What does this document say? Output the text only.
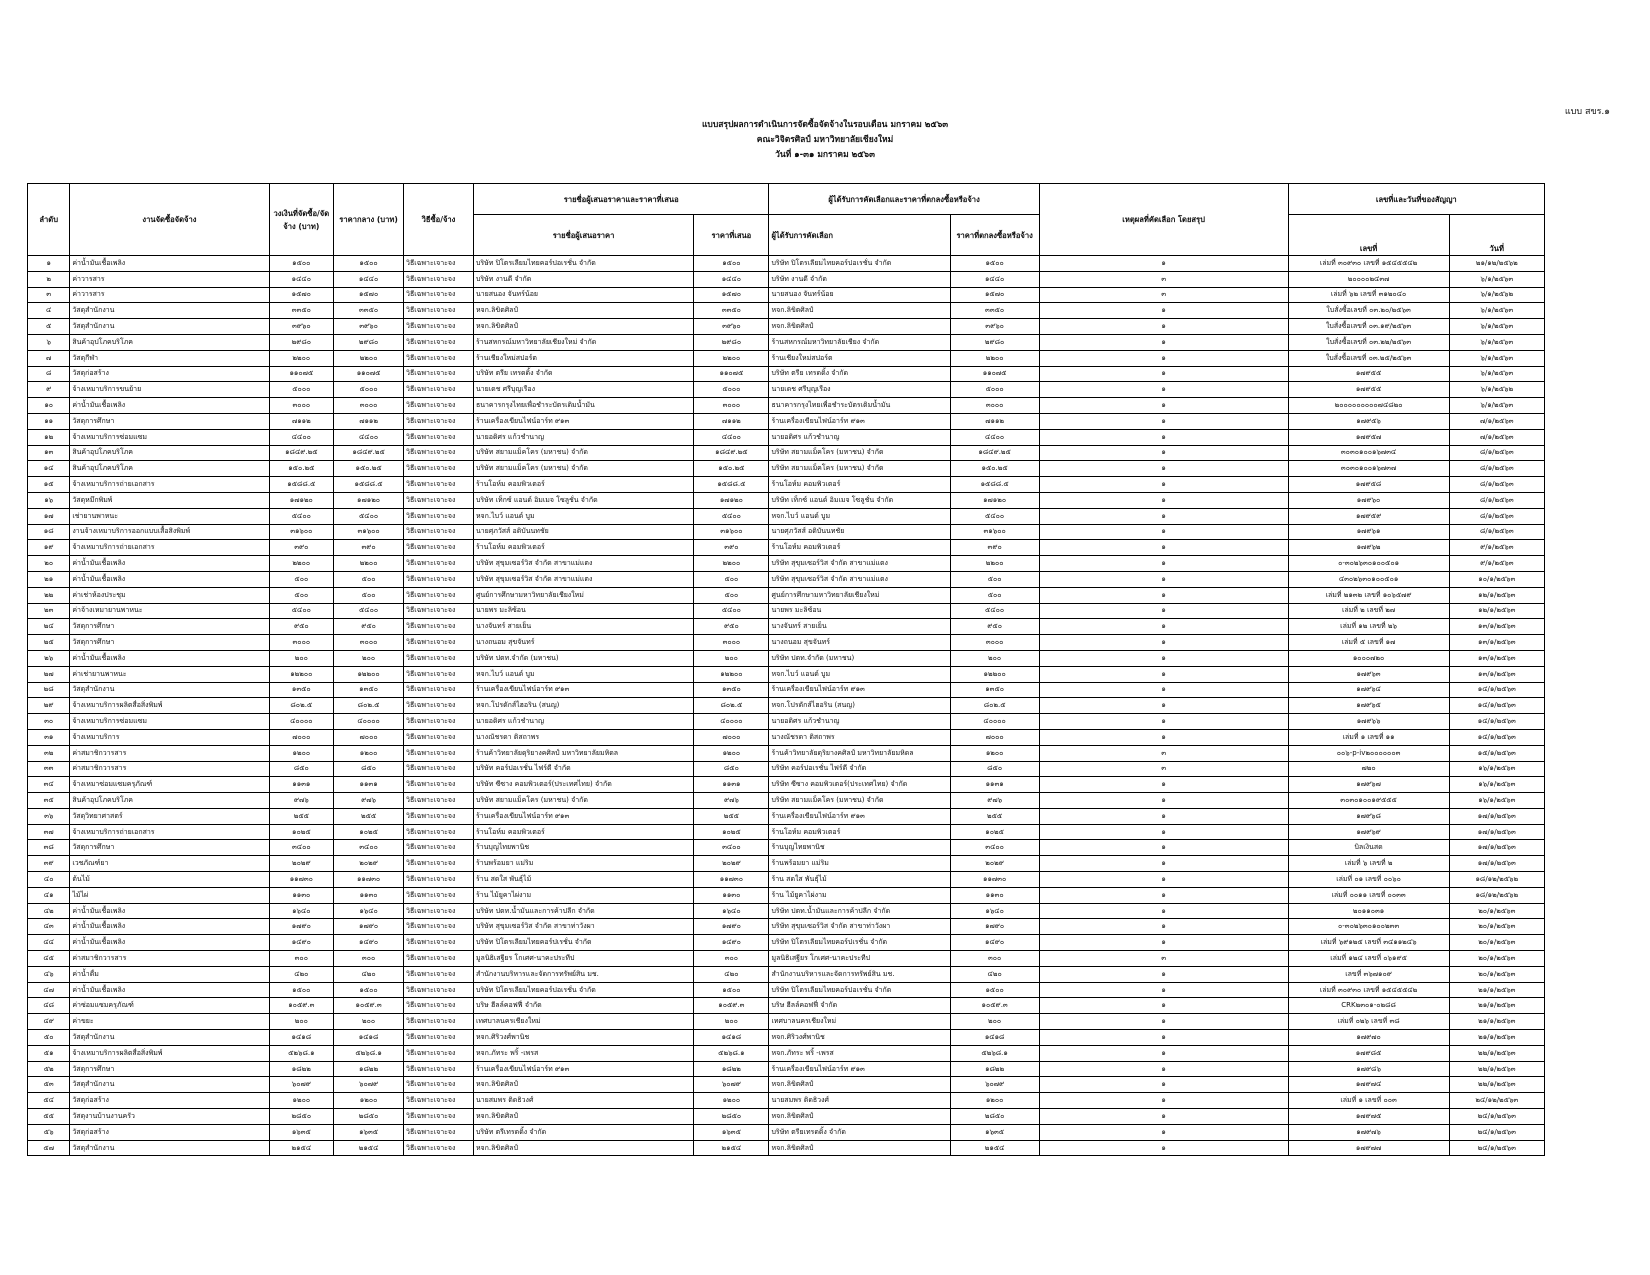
แบบ สขร.๑
แบบสรุปผลการดำเนินการจัดซื้อจัดจ้างในรอบเดือน มกราคม ๒๕๖๓
คณะวิจิตรศิลป์ มหาวิทยาลัยเชียงใหม่
วันที่ ๑-๓๑ มกราคม ๒๕๖๓
ลำดับ	งานจัดซื้อจัดจ้าง	วงเงินที่จัดซื้อ/จัดจ้าง (บาท)	ราคากลาง (บาท)	วิธีซื้อ/จ้าง	รายชื่อผู้เสนอราคาและราคาที่เสนอ		ผู้ได้รับการคัดเลือกและราคาที่ตกลงซื้อหรือจ้าง		เหตุผลที่คัดเลือก โดยสรุป	เลขที่และวันที่ของสัญญา	
					รายชื่อผู้เสนอราคา	ราคาที่เสนอ	ผู้ได้รับการคัดเลือก	ราคาที่ตกลงซื้อหรือจ้าง		เลขที่	วันที่
๑	ค่าน้ำมันเชื้อเพลิง	๑๕๐๐	๑๕๐๐	วิธีเฉพาะเจาะจง	บริษัท ปิโตรเลียมไทยคอร์ปอเรชั่น จำกัด	๑๕๐๐	บริษัท ปิโตรเลียมไทยคอร์ปอเรชั่น จำกัด	๑๕๐๐	๑	เล่มที่ ๓๐๙๓๐ เลขที่ ๑๕๔๕๕๔๒	๒๑/๑๒/๒๕๖๒
๒	ค่าวารสาร	๑๔๔๐	๑๔๔๐	วิธีเฉพาะเจาะจง	บริษัท งานดี จำกัด	๑๔๔๐	บริษัท งานดี จำกัด	๑๔๔๐	๓	๒๐๐๐๐๒๔๓๗	๖/๑/๒๕๖๓
๓	ค่าวารสาร	๑๕๗๐	๑๕๗๐	วิธีเฉพาะเจาะจง	นายสนอง จันทร์น้อย	๑๕๗๐	นายสนอง จันทร์น้อย	๑๕๗๐	๓	เล่มที่ ๖๒ เลขที่ ๓๑๒๐๔๐	๖/๑/๒๕๖๒
๔	วัสดุสำนักงาน	๓๓๕๐	๓๓๕๐	วิธีเฉพาะเจาะจง	หจก.ลิขิตศิลป์	๓๓๕๐	หจก.ลิขิตศิลป์	๓๓๕๐	๑	ใบสั่งซื้อเลขที่ ๐๓.๒๐/๒๕๖๓	๖/๑/๒๕๖๓
๕	วัสดุสำนักงาน	๓๙๖๐	๓๙๖๐	วิธีเฉพาะเจาะจง	หจก.ลิขิตศิลป์	๓๙๖๐	หจก.ลิขิตศิลป์	๓๙๖๐	๑	ใบสั่งซื้อเลขที่ ๐๓.๑๙/๒๕๖๓	๖/๑/๒๕๖๓
๖	สินค้าอุปโภคบริโภค	๒๙๘๐	๒๙๘๐	วิธีเฉพาะเจาะจง	ร้านสหกรณ์มหาวิทยาลัยเชียงใหม่ จำกัด	๒๙๘๐	ร้านสหกรณ์มหาวิทยาลัยเชียง จำกัด	๒๙๘๐	๑	ใบสั่งซื้อเลขที่ ๐๓.๒๒/๒๕๖๓	๖/๑/๒๕๖๓
๗	วัสดุกีฬา	๒๒๐๐	๒๒๐๐	วิธีเฉพาะเจาะจง	ร้านเชียงใหม่สปอร์ต	๒๒๐๐	ร้านเชียงใหม่สปอร์ต	๒๒๐๐	๑	ใบสั่งซื้อเลขที่ ๐๓.๒๕/๒๕๖๓	๖/๑/๒๕๖๓
๘	วัสดุก่อสร้าง	๑๑๐๗๕	๑๑๐๗๕	วิธีเฉพาะเจาะจง	บริษัท ตรีย เทรดดิ้ง จำกัด	๑๑๐๗๕	บริษัท ตรีย เทรดดิ้ง จำกัด	๑๑๐๗๕	๑	๑๗๙๕๕	๖/๑/๒๕๖๓
๙	จ้างเหมาบริการขนย้าย	๕๐๐๐	๕๐๐๐	วิธีเฉพาะเจาะจง	นายเดช ศรีบุญเรือง	๕๐๐๐	นายเดช ศรีบุญเรือง	๕๐๐๐	๑	๑๗๙๕๕	๖/๑/๒๕๖๒
๑๐	ค่าน้ำมันเชื้อเพลิง	๓๐๐๐	๓๐๐๐	วิธีเฉพาะเจาะจง	ธนาคารกรุงไทยเพื่อชำระบัตรเติมน้ำมัน	๓๐๐๐	ธนาคารกรุงไทยเพื่อชำระบัตรเติมน้ำมัน	๓๐๐๐	๑	๒๐๐๐๐๐๐๐๐๐๗๔๘๒๐	๖/๑/๒๕๖๓
๑๑	วัสดุการศึกษา	๗๑๑๒	๗๑๑๒	วิธีเฉพาะเจาะจง	ร้านเครื่องเขียนไฟน์อาร์ท ๙๑๓	๗๑๑๒	ร้านเครื่องเขียนไฟน์อาร์ท ๙๑๓	๗๑๑๒	๑	๑๗๙๕๖	๗/๑/๒๕๖๓
๑๒	จ้างเหมาบริการซ่อมแซม	๔๔๐๐	๔๔๐๐	วิธีเฉพาะเจาะจง	นายอดิศร แก้วชำนาญ	๔๔๐๐	นายอดิศร แก้วชำนาญ	๔๔๐๐	๑	๑๗๙๕๗	๗/๑/๒๕๖๓
๑๓	สินค้าอุปโภคบริโภค	๑๘๔๙.๒๕	๑๘๔๙.๒๕	วิธีเฉพาะเจาะจง	บริษัท สยามแม็คโคร (มหาชน) จำกัด	๑๘๔๙.๒๕	บริษัท สยามแม็คโคร (มหาชน) จำกัด	๑๘๔๙.๒๕	๑	๓๐๓๐๑๐๐๑๖๗๓๔	๘/๑/๒๕๖๓
๑๔	สินค้าอุปโภคบริโภค	๑๕๐.๒๕	๑๕๐.๒๕	วิธีเฉพาะเจาะจง	บริษัท สยามแม็คโคร (มหาชน) จำกัด	๑๕๐.๒๕	บริษัท สยามแม็คโคร (มหาชน) จำกัด	๑๕๐.๒๕	๑	๓๐๓๐๑๐๐๑๖๗๓๗	๘/๑/๒๕๖๓
๑๕	จ้างเหมาบริการถ่ายเอกสาร	๑๕๘๘.๕	๑๕๘๘.๕	วิธีเฉพาะเจาะจง	ร้านโอห์ม คอมพิวเตอร์	๑๕๘๘.๕	ร้านโอห์ม คอมพิวเตอร์	๑๕๘๘.๕	๑	๑๗๙๕๘	๘/๑/๒๕๖๓
๑๖	วัสดุหมึกพิมพ์	๑๗๑๒๐	๑๗๑๒๐	วิธีเฉพาะเจาะจง	บริษัท เท็กซ์ แอนด์ อิมเมจ โซลูชั่น จำกัด	๑๗๑๒๐	บริษัท เท็กซ์ แอนด์ อิมเมจ โซลูชั่น จำกัด	๑๗๑๒๐	๑	๑๗๙๖๐	๘/๑/๒๕๖๓
๑๗	เช่ายานพาหนะ	๕๔๐๐	๕๔๐๐	วิธีเฉพาะเจาะจง	หจก.ไบว์ แอนด์ บูม	๕๔๐๐	หจก.ไบว์ แอนด์ บูม	๕๔๐๐	๑	๑๗๙๕๙	๘/๑/๒๕๖๓
๑๘	งานจ้างเหมาบริการออกแบบเสื้อสิงพิมพ์	๓๑๖๐๐	๓๑๖๐๐	วิธีเฉพาะเจาะจง	นายศุภวัสส์ อดิบันนทชัย	๓๑๖๐๐	นายศุภวัสส์ อดิบันนทชัย	๓๑๖๐๐	๑	๑๗๙๖๑	๘/๑/๒๕๖๓
๑๙	จ้างเหมาบริการถ่ายเอกสาร	๓๙๐	๓๙๐	วิธีเฉพาะเจาะจง	ร้านโอห์ม คอมพิวเตอร์	๓๙๐	ร้านโอห์ม คอมพิวเตอร์	๓๙๐	๑	๑๗๙๖๒	๙/๑/๒๕๖๓
๒๐	ค่าน้ำมันเชื้อเพลิง	๒๒๐๐	๒๒๐๐	วิธีเฉพาะเจาะจง	บริษัท สุขุมเซอร์วิส จำกัด สาขาแม่แตง	๒๒๐๐	บริษัท สุขุมเซอร์วิส จำกัด สาขาแม่แตง	๒๒๐๐	๑	๐-๓๐๒๖๓๐๑๐๐๕๐๑	๙/๑/๒๕๖๓
๒๑	ค่าน้ำมันเชื้อเพลิง	๕๐๐	๕๐๐	วิธีเฉพาะเจาะจง	บริษัท สุขุมเซอร์วิส จำกัด สาขาแม่แตง	๕๐๐	บริษัท สุขุมเซอร์วิส จำกัด สาขาแม่แตง	๕๐๐	๑	๔๓๐๒๖๓๐๑๐๐๕๐๑	๑๐/๑/๒๕๖๓
๒๒	ค่าเช่าห้องประชุม	๕๐๐	๕๐๐	วิธีเฉพาะเจาะจง	ศูนย์การศึกษามหาวิทยาลัยเชียงใหม่	๕๐๐	ศูนย์การศึกษามหาวิทยาลัยเชียงใหม่	๕๐๐	๑	เล่มที่ ๒๑๓๒ เลขที่ ๑๐๖๕๗๙	๑๒/๑/๒๕๖๓
๒๓	ค่าจ้างเหมายานพาหนะ	๕๔๐๐	๕๔๐๐	วิธีเฉพาะเจาะจง	นายพร มะลิซ้อน	๕๔๐๐	นายพร มะลิซ้อน	๕๔๐๐	๑	เล่มที่ ๒ เลขที่ ๒๗	๑๒/๑/๒๕๖๓
๒๔	วัสดุการศึกษา	๙๕๐	๙๕๐	วิธีเฉพาะเจาะจง	นางจันทร์ สายเย็น	๙๕๐	นางจันทร์ สายเย็น	๙๕๐	๑	เล่มที่ ๑๒ เลขที่ ๒๖	๑๓/๑/๒๕๖๓
๒๕	วัสดุการศึกษา	๓๐๐๐	๓๐๐๐	วิธีเฉพาะเจาะจง	นางถนอม สุขจันทร์	๓๐๐๐	นางถนอม สุขจันทร์	๓๐๐๐	๑	เล่มที่ ๕ เลขที่ ๑๗	๑๓/๑/๒๕๖๓
๒๖	ค่าน้ำมันเชื้อเพลิง	๒๐๐	๒๐๐	วิธีเฉพาะเจาะจง	บริษัท ปตท.จำกัด (มหาชน)	๒๐๐	บริษัท ปตท.จำกัด (มหาชน)	๒๐๐	๑	๑๐๐๐๗๒๐	๑๓/๑/๒๕๖๓
๒๗	ค่าเช่ายานพาหนะ	๑๒๒๐๐	๑๒๒๐๐	วิธีเฉพาะเจาะจง	หจก.ไบว์ แอนด์ บูม	๑๒๒๐๐	หจก.ไบว์ แอนด์ บูม	๑๒๒๐๐	๑	๑๗๙๖๓	๑๓/๑/๒๕๖๓
๒๘	วัสดุสำนักงาน	๑๓๕๐	๑๓๕๐	วิธีเฉพาะเจาะจง	ร้านเครื่องเขียนไฟน์อาร์ท ๙๑๓	๑๓๕๐	ร้านเครื่องเขียนไฟน์อาร์ท ๙๑๓	๑๓๕๐	๑	๑๗๙๖๔	๑๔/๑/๒๕๖๓
๒๙	จ้างเหมาบริการผลิตสื่อสิ่งพิมพ์	๘๐๒.๕	๘๐๒.๕	วิธีเฉพาะเจาะจง	หจก.โปรดักส์ไฮอริน (สนญ)	๘๐๒.๕	หจก.โปรดักส์ไฮอริน (สนญ)	๘๐๒.๕	๑	๑๗๙๖๕	๑๔/๑/๒๕๖๓
๓๐	จ้างเหมาบริการซ่อมแซม	๔๐๐๐๐	๔๐๐๐๐	วิธีเฉพาะเจาะจง	นายอดิศร แก้วชำนาญ	๔๐๐๐๐	นายอดิศร แก้วชำนาญ	๔๐๐๐๐	๑	๑๗๙๖๖	๑๔/๑/๒๕๖๓
๓๑	จ้างเหมาบริการ	๗๐๐๐	๗๐๐๐	วิธีเฉพาะเจาะจง	นางณัชรดา ติสถาพร	๗๐๐๐	นางณัชรดา ติสถาพร	๗๐๐๐	๑	เล่มที่ ๑ เลขที่ ๑๑	๑๔/๑/๒๕๖๓
๓๒	ค่าสมาชิกวารสาร	๑๒๐๐	๑๒๐๐	วิธีเฉพาะเจาะจง	ร้านค้าวิทยาลัยดุริยางคศิลป์ มหาวิทยาลัยมหิดล	๑๒๐๐	ร้านค้าวิทยาลัยดุริยางคศิลป์ มหาวิทยาลัยมหิดล	๑๒๐๐	๓	๐๐๖-p-iv๒๐๐๐๐๐๐๓	๑๕/๑/๒๕๖๓
๓๓	ค่าสมาชิกวารสาร	๘๕๐	๘๕๐	วิธีเฉพาะเจาะจง	บริษัท คอร์ปอเรชั่น ไฟร์ดี จำกัด	๘๕๐	บริษัท คอร์ปอเรชั่น ไฟร์ดี จำกัด	๘๕๐	๓	๗๒๐	๑๖/๑/๒๕๖๓
๓๔	จ้างเหมาซ่อมแซมครุภัณฑ์	๑๑๓๑	๑๑๓๑	วิธีเฉพาะเจาะจง	บริษัท ซีซาง คอมพิวเตอร์(ประเทศไทย) จำกัด	๑๑๓๑	บริษัท ซีซาง คอมพิวเตอร์(ประเทศไทย) จำกัด	๑๑๓๑	๑	๑๗๙๖๗	๑๖/๑/๒๕๖๓
๓๕	สินค้าอุปโภคบริโภค	๙๗๖	๙๗๖	วิธีเฉพาะเจาะจง	บริษัท สยามแม็คโคร (มหาชน) จำกัด	๙๗๖	บริษัท สยามแม็คโคร (มหาชน) จำกัด	๙๗๖	๑	๓๐๓๐๑๐๐๑๙๕๕๕	๑๖/๑/๒๕๖๓
๓๖	วัสดุวิทยาศาสตร์	๒๕๕	๒๕๕	วิธีเฉพาะเจาะจง	ร้านเครื่องเขียนไฟน์อาร์ท ๙๑๓	๒๕๕	ร้านเครื่องเขียนไฟน์อาร์ท ๙๑๓	๒๕๕	๑	๑๗๙๖๘	๑๗/๑/๒๕๖๓
๓๗	จ้างเหมาบริการถ่ายเอกสาร	๑๐๒๕	๑๐๒๕	วิธีเฉพาะเจาะจง	ร้านโอห์ม คอมพิวเตอร์	๑๐๒๕	ร้านโอห์ม คอมพิวเตอร์	๑๐๒๕	๑	๑๗๙๖๙	๑๗/๑/๒๕๖๓
๓๘	วัสดุการศึกษา	๓๔๐๐	๓๔๐๐	วิธีเฉพาะเจาะจง	ร้านบุญไทยพานิช	๓๔๐๐	ร้านบุญไทยพานิช	๓๔๐๐	๑	บิลเงินสด	๑๗/๑/๒๕๖๓
๓๙	เวชภัณฑ์ยา	๒๐๒๙	๒๐๒๙	วิธีเฉพาะเจาะจง	ร้านพร้อมยา แม่ริม	๒๐๒๙	ร้านพร้อมยา แม่ริม	๒๐๒๙	๑	เล่มที่ ๖ เลขที่ ๒	๑๗/๑/๒๕๖๓
๔๐	ต้นไม้	๑๑๗๓๐	๑๑๗๓๐	วิธีเฉพาะเจาะจง	ร้าน สดใส พันธุ์ไม้	๑๑๗๓๐	ร้าน สดใส พันธุ์ไม้	๑๑๗๓๐	๑	เล่มที่ ๐๑ เลขที่ ๐๐๖๐	๑๘/๑๒/๒๕๖๒
๔๑	ไม้ไผ่	๑๑๓๐	๑๑๓๐	วิธีเฉพาะเจาะจง	ร้าน ไม้ยูคาไผ่งาม	๑๑๓๐	ร้าน ไม้ยูคาไผ่งาม	๑๑๓๐	๑	เล่มที่ ๐๐๑๑ เลขที่ ๐๐๓๓	๑๘/๑๒/๒๕๖๒
๔๒	ค่าน้ำมันเชื้อเพลิง	๑๖๔๐	๑๖๔๐	วิธีเฉพาะเจาะจง	บริษัท ปตท.น้ำมันและการค้าปลีก จำกัด	๑๖๔๐	บริษัท ปตท.น้ำมันและการค้าปลีก จำกัด	๑๖๔๐	๑	๒๐๑๑๐๓๑	๒๐/๑/๒๕๖๓
๔๓	ค่าน้ำมันเชื้อเพลิง	๑๗๙๐	๑๗๙๐	วิธีเฉพาะเจาะจง	บริษัท สุขุมเซอร์วิส จำกัด สาขาท่าวังผา	๑๗๙๐	บริษัท สุขุมเซอร์วิส จำกัด สาขาท่าวังผา	๑๗๙๐	๑	๐-๓๐๒๖๓๐๑๐๐๒๓๓	๒๐/๑/๒๕๖๓
๔๔	ค่าน้ำมันเชื้อเพลิง	๑๔๙๐	๑๔๙๐	วิธีเฉพาะเจาะจง	บริษัท ปิโตรเลียมไทยคอร์ปเรชั่น จำกัด	๑๔๙๐	บริษัท ปิโตรเลียมไทยคอร์ปเรชั่น จำกัด	๑๔๙๐	๑	เล่มที่ ๖๙๑๒๕ เลขที่ ๓๔๑๑๒๔๖	๒๐/๑/๒๕๖๓
๔๕	ค่าสมาชิกวารสาร	๓๐๐	๓๐๐	วิธีเฉพาะเจาะจง	มูลนิธิเสฐียร โกเศศ-นาคะประทีป	๓๐๐	มูลนิธิเสฐียร โกเศศ-นาคะประทีป	๓๐๐	๓	เล่มที่ ๑๒๔ เลขที่ ๐๖๑๙๕	๒๐/๑/๒๕๖๓
๔๖	ค่าน้ำดื่ม	๔๒๐	๔๒๐	วิธีเฉพาะเจาะจง	สำนักงานบริหารและจัดการทรัพย์สิน มช.	๔๒๐	สำนักงานบริหารและจัดการทรัพย์สิน มช.	๔๒๐	๑	เลขที่ ๓๖๗๑๐๙	๒๐/๑/๒๕๖๓
๔๗	ค่าน้ำมันเชื้อเพลิง	๑๕๐๐	๑๕๐๐	วิธีเฉพาะเจาะจง	บริษัท ปิโตรเลียมไทยคอร์ปอเรชั่น จำกัด	๑๕๐๐	บริษัท ปิโตรเลียมไทยคอร์ปอเรชั่น จำกัด	๑๕๐๐	๑	เล่มที่ ๓๐๙๓๐ เลขที่ ๑๕๔๕๕๔๒	๒๑/๑/๒๕๖๓
๔๘	ค่าซ่อมแซมครุภัณฑ์	๑๐๕๙.๓	๑๐๕๙.๓	วิธีเฉพาะเจาะจง	บริษ ฮีลล์คอฟฟี่ จำกัด	๑๐๕๙.๓	บริษ ฮีลล์คอฟฟี่ จำกัด	๑๐๕๙.๓	๑	CRK๒๓๐๑-๐๒๘๘	๒๑/๑/๒๕๖๓
๔๙	ค่าขยะ	๒๐๐	๒๐๐	วิธีเฉพาะเจาะจง	เทศบาลนครเชียงใหม่	๒๐๐	เทศบาลนครเชียงใหม่	๒๐๐	๑	เล่มที่ ๐๒๖ เลขที่ ๓๘	๒๑/๑/๒๕๖๓
๕๐	วัสดุสำนักงาน	๑๔๑๘	๑๔๑๘	วิธีเฉพาะเจาะจง	หจก.ศิริวงศ์พานิช	๑๔๑๘	หจก.ศิริวงศ์พานิช	๑๔๑๘	๑	๑๗๙๗๐	๒๑/๑/๒๕๖๓
๕๑	จ้างเหมาบริการผลิตสื่อสิ่งพิมพ์	๕๒๖๘.๑	๕๒๖๘.๑	วิธีเฉพาะเจาะจง	หจก.ภัทระ พริ้ -เพรส	๕๒๖๘.๑	หจก.ภัทระ พริ้ -เพรส	๕๒๖๘.๑	๑	๑๗๙๘๕	๒๒/๑/๒๕๖๓
๕๒	วัสดุการศึกษา	๑๘๒๒	๑๘๒๒	วิธีเฉพาะเจาะจง	ร้านเครื่องเขียนไฟน์อาร์ท ๙๑๓	๑๘๒๒	ร้านเครื่องเขียนไฟน์อาร์ท ๙๑๓	๑๘๒๒	๑	๑๗๙๘๖	๒๒/๑/๒๕๖๓
๕๓	วัสดุสำนักงาน	๖๐๗๙	๖๐๗๙	วิธีเฉพาะเจาะจง	หจก.ลิขิตศิลป์	๖๐๗๙	หจก.ลิขิตศิลป์	๖๐๗๙	๑	๑๗๙๗๔	๒๒/๑/๒๕๖๓
๕๔	วัสดุก่อสร้าง	๑๒๐๐	๑๒๐๐	วิธีเฉพาะเจาะจง	นายสมพร ติดธิวงศ์	๑๒๐๐	นายสมพร ติดธิวงศ์	๑๒๐๐	๑	เล่มที่ ๑ เลขที่ ๐๐๓	๒๔/๑๒/๒๕๖๓
๕๕	วัสดุงานบ้านงานครัว	๒๘๕๐	๒๘๕๐	วิธีเฉพาะเจาะจง	หจก.ลิขิตศิลป์	๒๘๕๐	หจก.ลิขิตศิลป์	๒๘๕๐	๑	๑๗๙๗๕	๒๔/๑/๒๕๖๓
๕๖	วัสดุก่อสร้าง	๑๖๓๕	๑๖๓๕	วิธีเฉพาะเจาะจง	บริษัท ตรีเทรดดิ้ง จำกัด	๑๖๓๕	บริษัท ตรียเทรดดิ้ง จำกัด	๑๖๓๕	๑	๑๗๙๗๖	๒๔/๑/๒๕๖๓
๕๗	วัสดุสำนักงาน	๒๑๕๔	๒๑๕๔	วิธีเฉพาะเจาะจง	หจก.ลิขิตศิลป์	๒๑๕๔	หจก.ลิขิตศิลป์	๒๑๕๔	๑	๑๗๙๗๗	๒๔/๑/๒๕๖๓
